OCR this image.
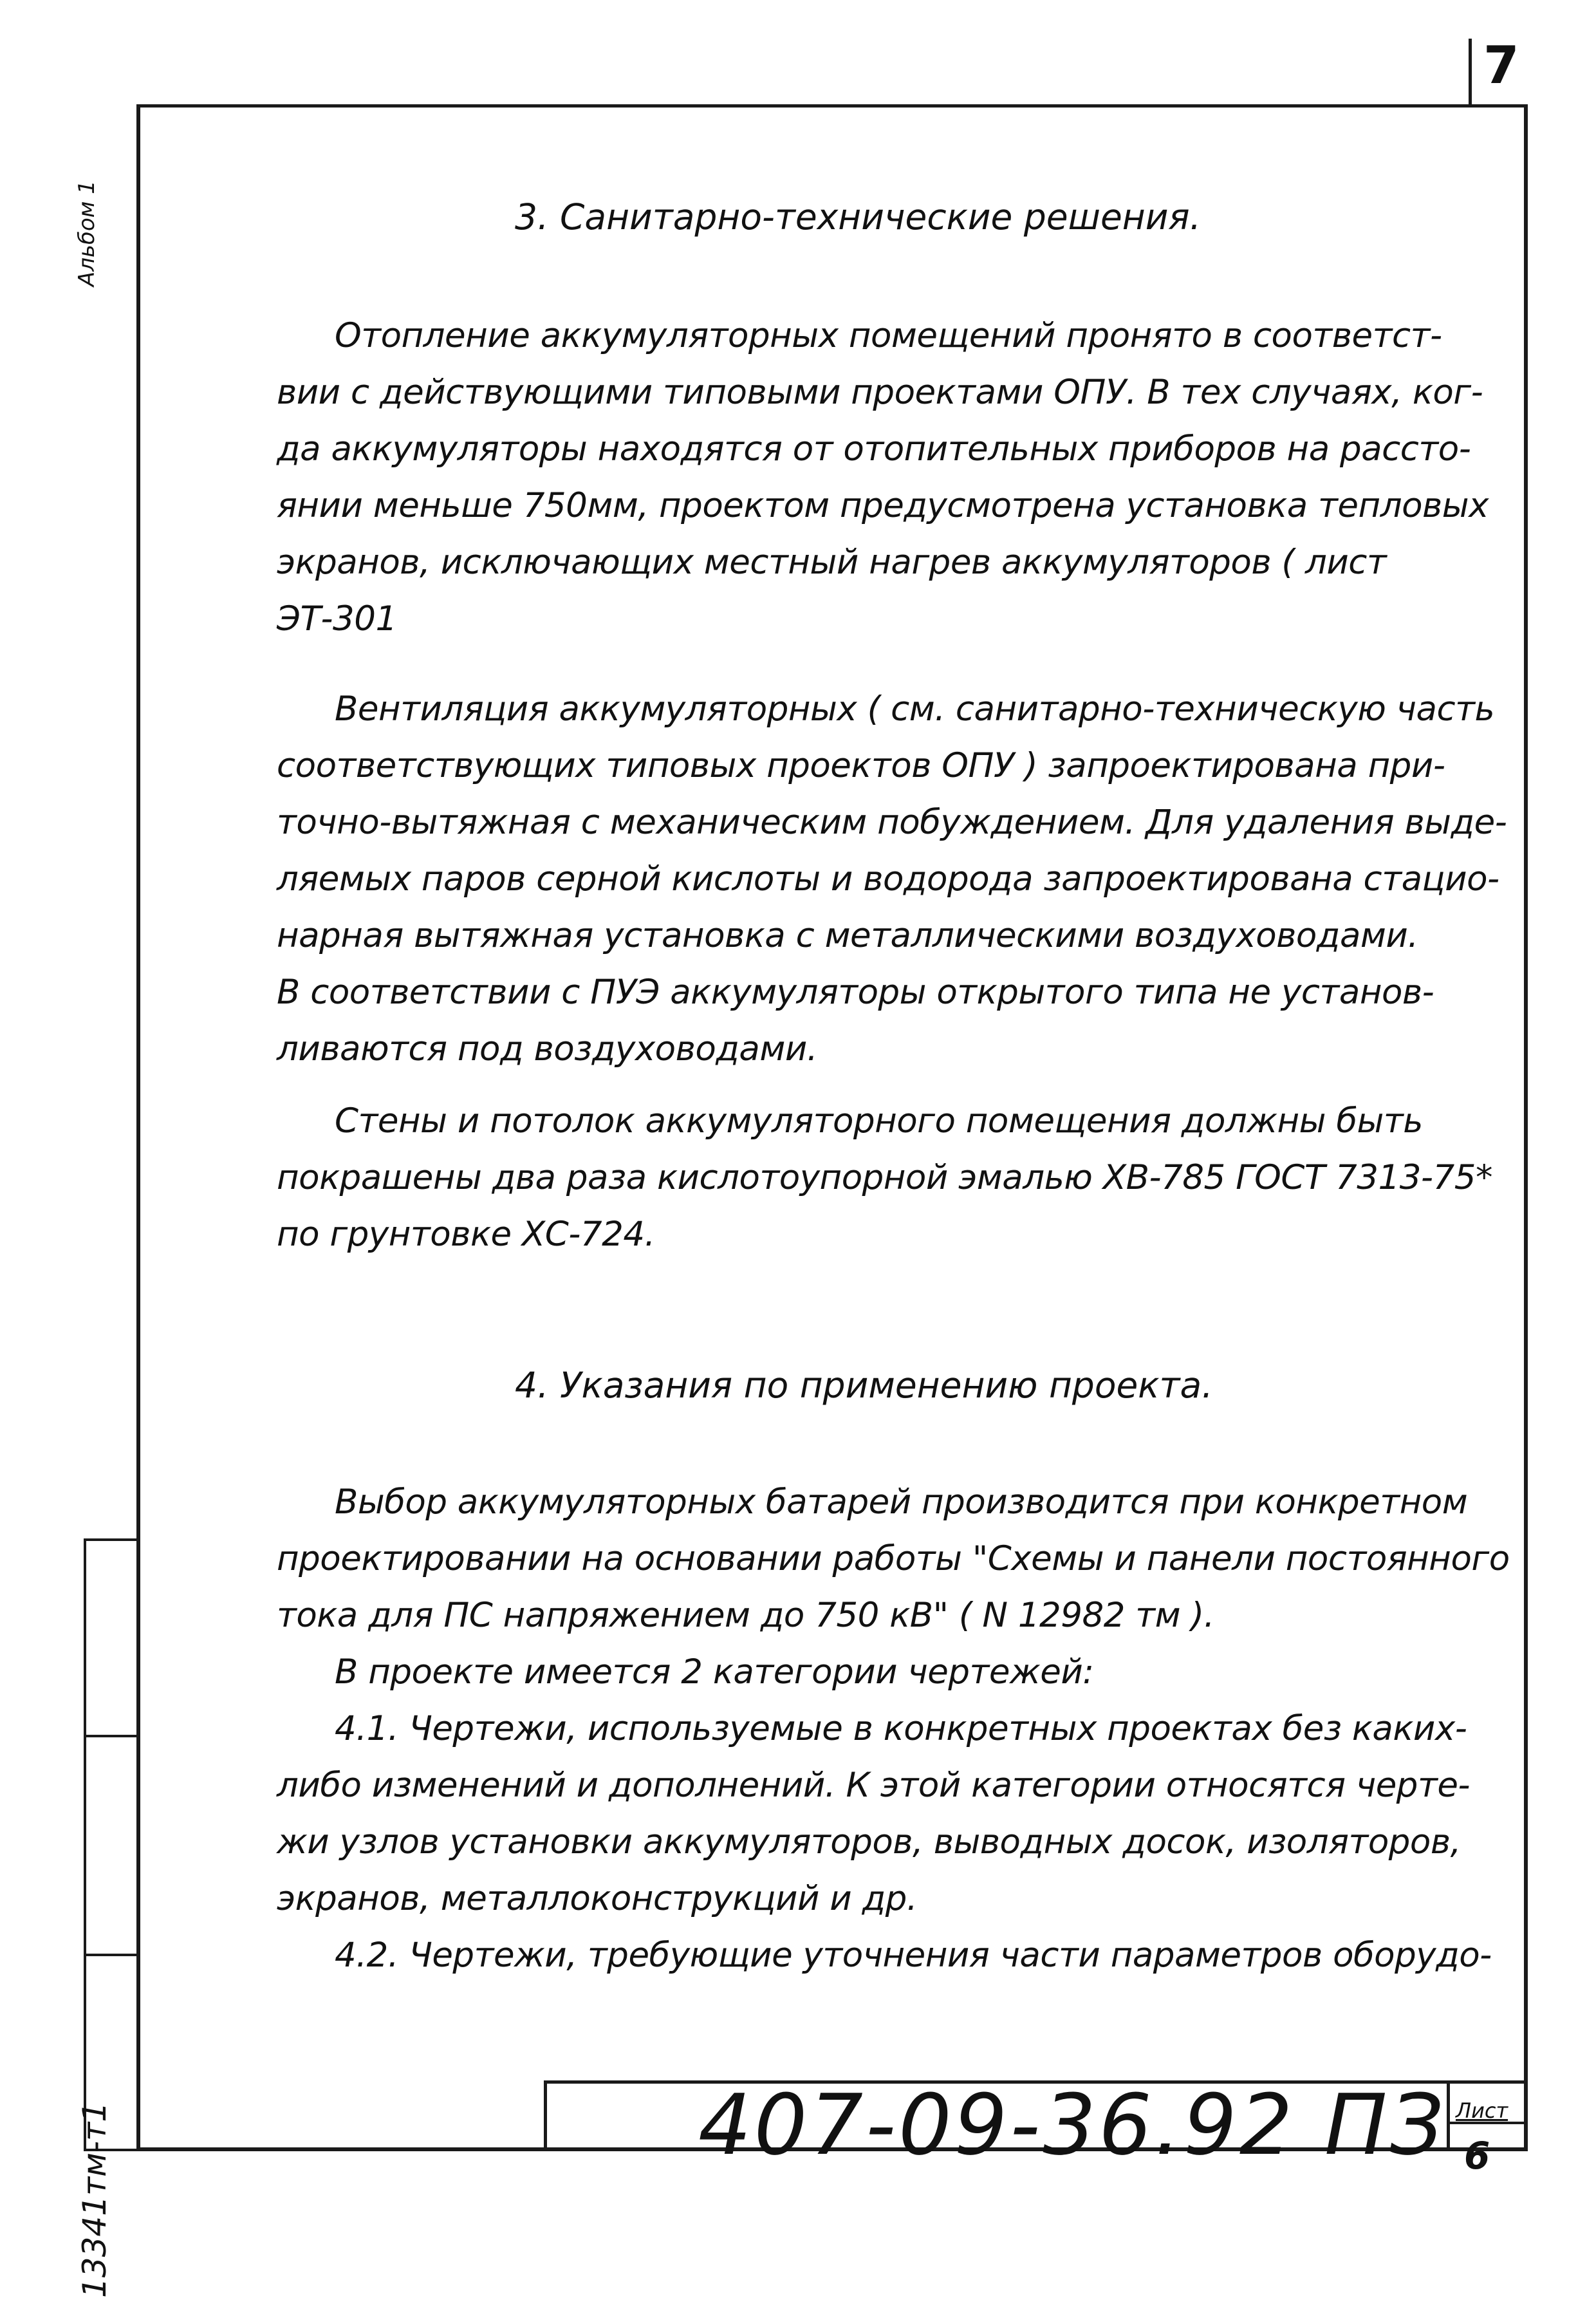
7
Альбом 1
13341тм-т1
3. Санитарно-технические решения.
Отопление аккумуляторных помещений пронято в соответст-
вии с действующими типовыми проектами ОПУ. В тех случаях, ког-
да аккумуляторы находятся от отопительных приборов на рассто-
янии меньше 750мм, проектом предусмотрена установка тепловых
экранов, исключающих местный нагрев аккумуляторов ( лист
ЭТ-301
Вентиляция аккумуляторных ( см. санитарно-техническую часть
соответствующих типовых проектов ОПУ ) запроектирована при-
точно-вытяжная с механическим побуждением. Для удаления выде-
ляемых паров серной кислоты и водорода запроектирована стацио-
нарная вытяжная установка с металлическими воздуховодами.
В соответствии с ПУЭ аккумуляторы открытого типа не установ-
ливаются под воздуховодами.
Стены и потолок аккумуляторного помещения должны быть
покрашены два раза кислотоупорной эмалью ХВ-785 ГОСТ 7313-75*
по грунтовке ХС-724.
4. Указания по применению проекта.
Выбор аккумуляторных батарей производится при конкретном
проектировании на основании работы "Схемы и панели постоянного
тока для ПС напряжением до 750 кВ" ( N 12982 тм ).
В проекте имеется 2 категории чертежей:
4.1. Чертежи, используемые в конкретных проектах без каких-
либо изменений и дополнений. К этой категории относятся черте-
жи узлов установки аккумуляторов, выводных досок, изоляторов,
экранов, металлоконструкций и др.
4.2. Чертежи, требующие уточнения части параметров оборудо-
407-09-36.92 ПЗ Лист
6
